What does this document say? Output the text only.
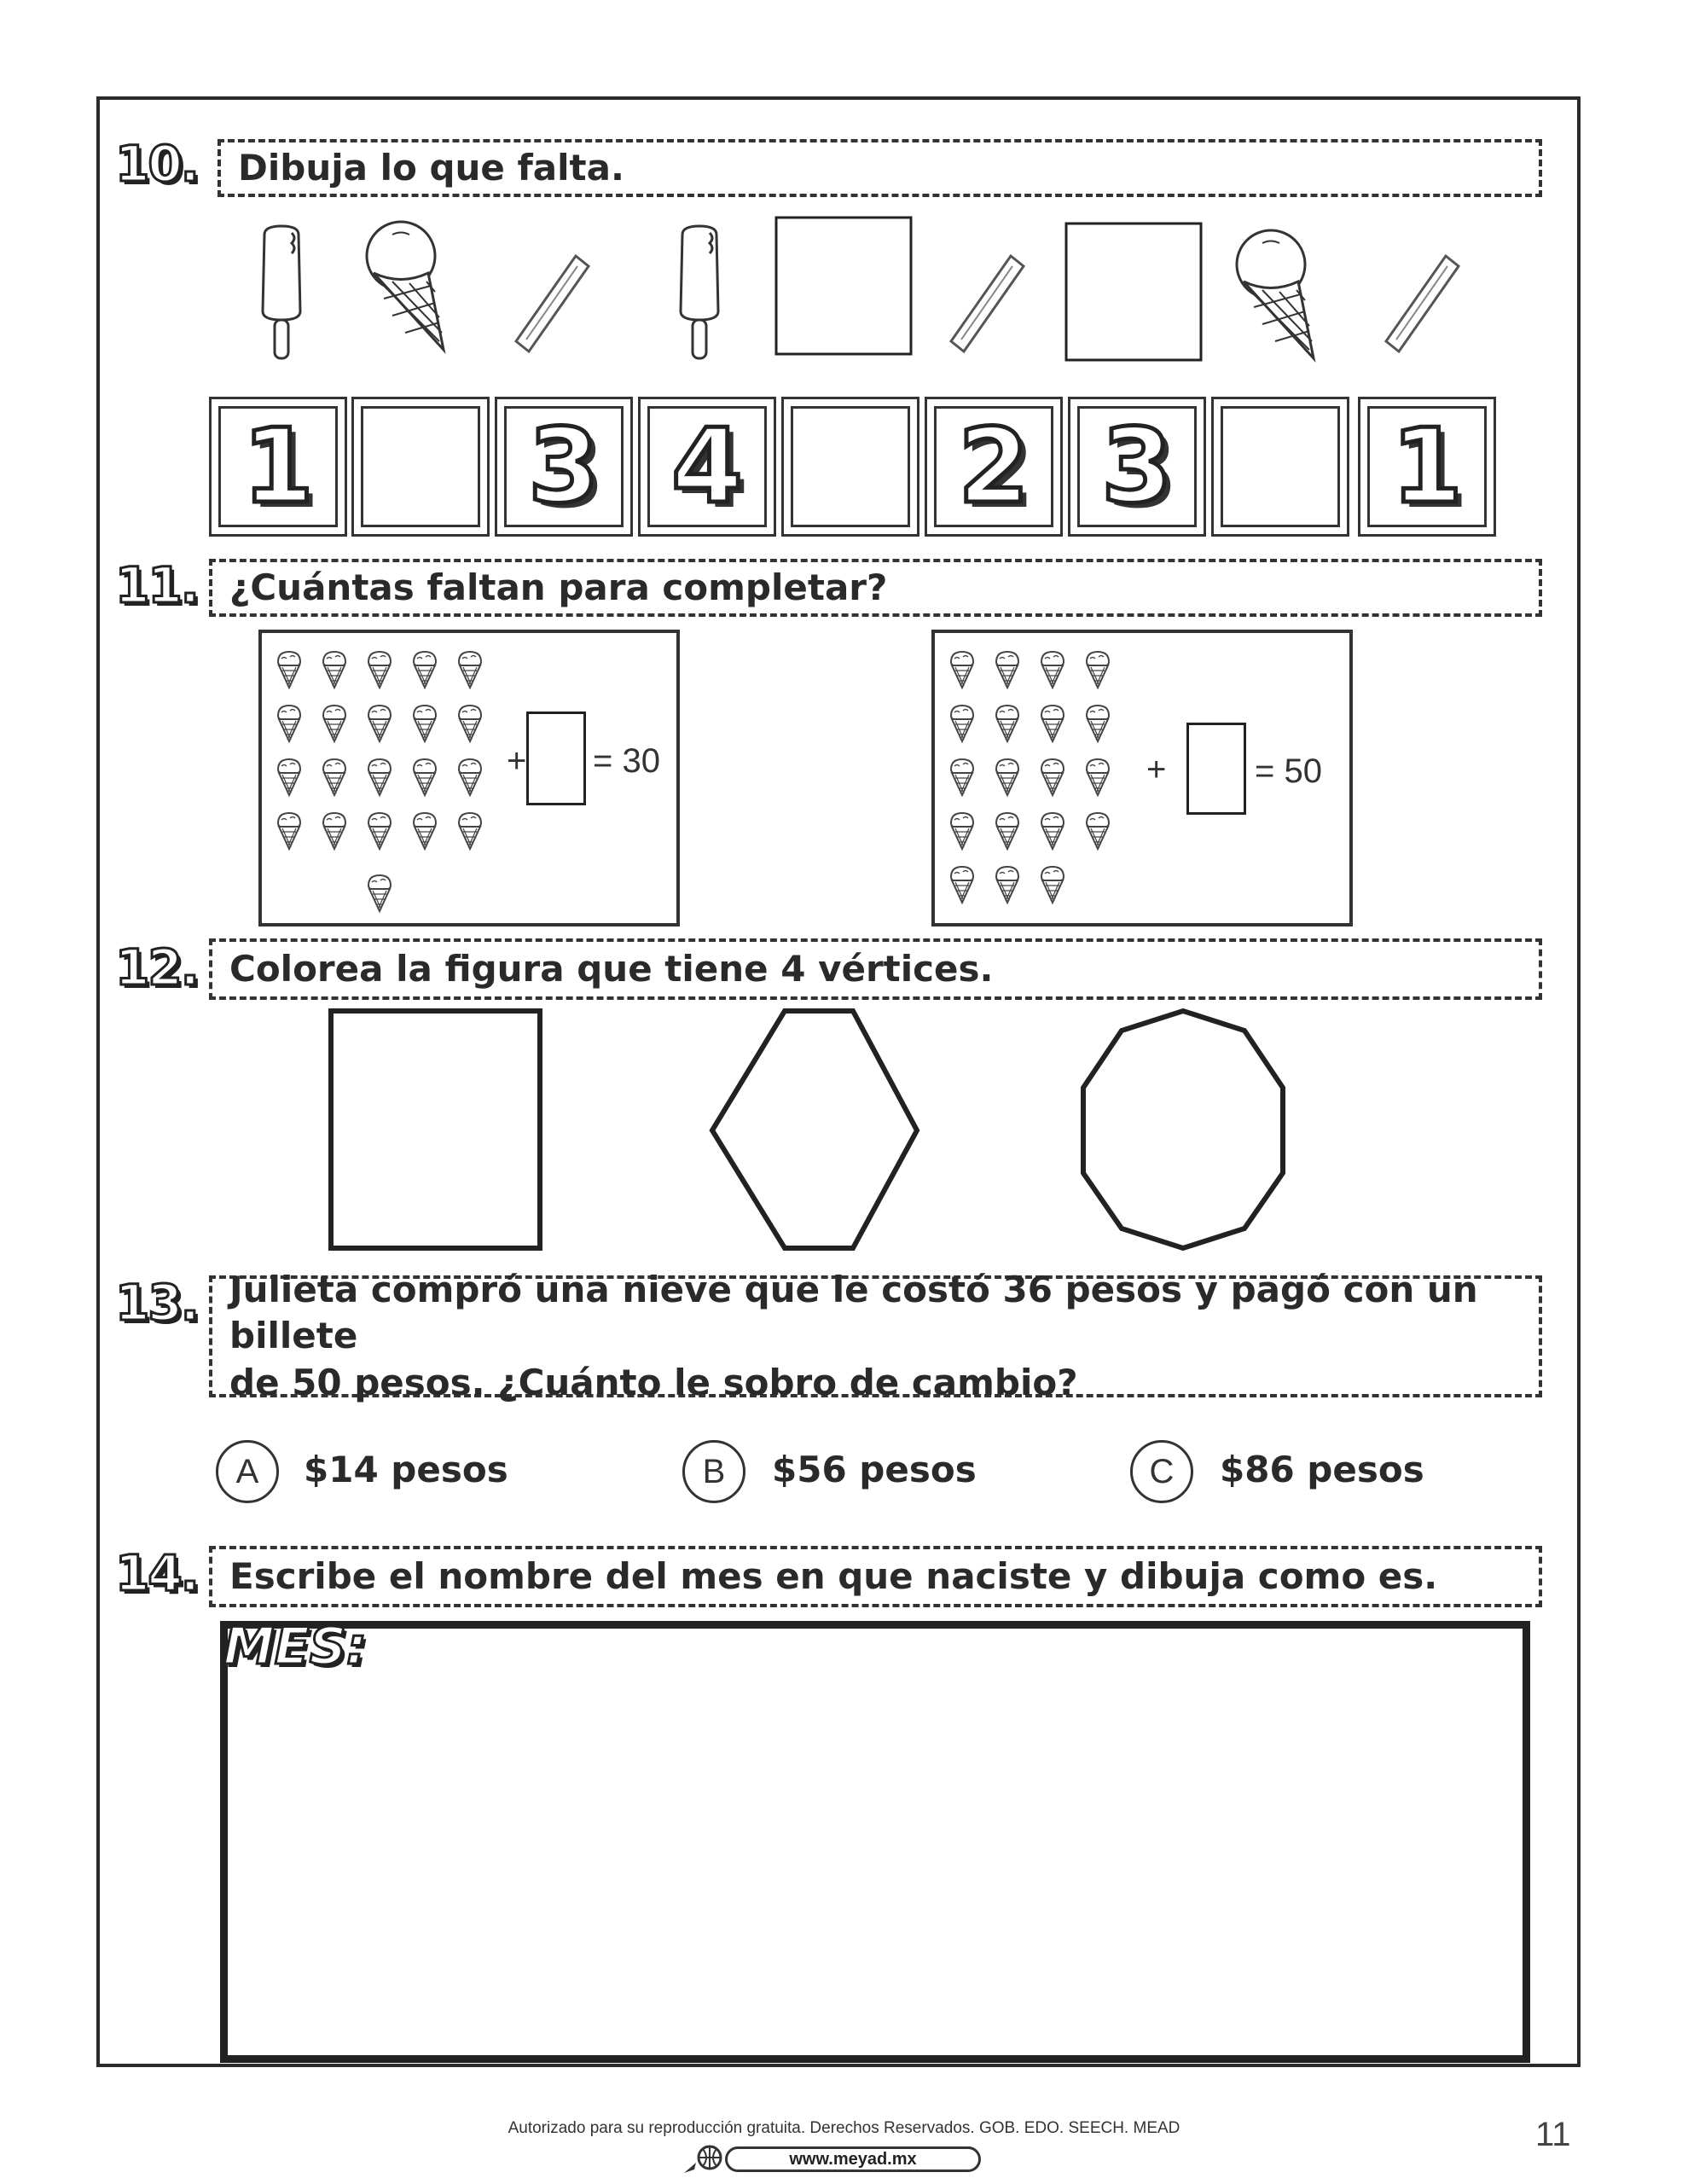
10.	Dibuja lo que falta.
1 3 4 2 3 1
11. ¿Cuántas faltan para completar?
+ = 30	+	= 50
12. Colorea la figura que tiene 4 vértices.
13. Julieta compró una nieve que le costó 36 pesos y pagó con un billete
de 50 pesos. ¿Cuánto le sobro de cambio?
A	$14 pesos	B	$56 pesos	C	$86 pesos
14. Escribe el nombre del mes en que naciste y dibuja como es.
MES:
Autorizado para su reproducción gratuita. Derechos Reservados. GOB. EDO. SEECH. MEAD
www.meyad.mx
11
